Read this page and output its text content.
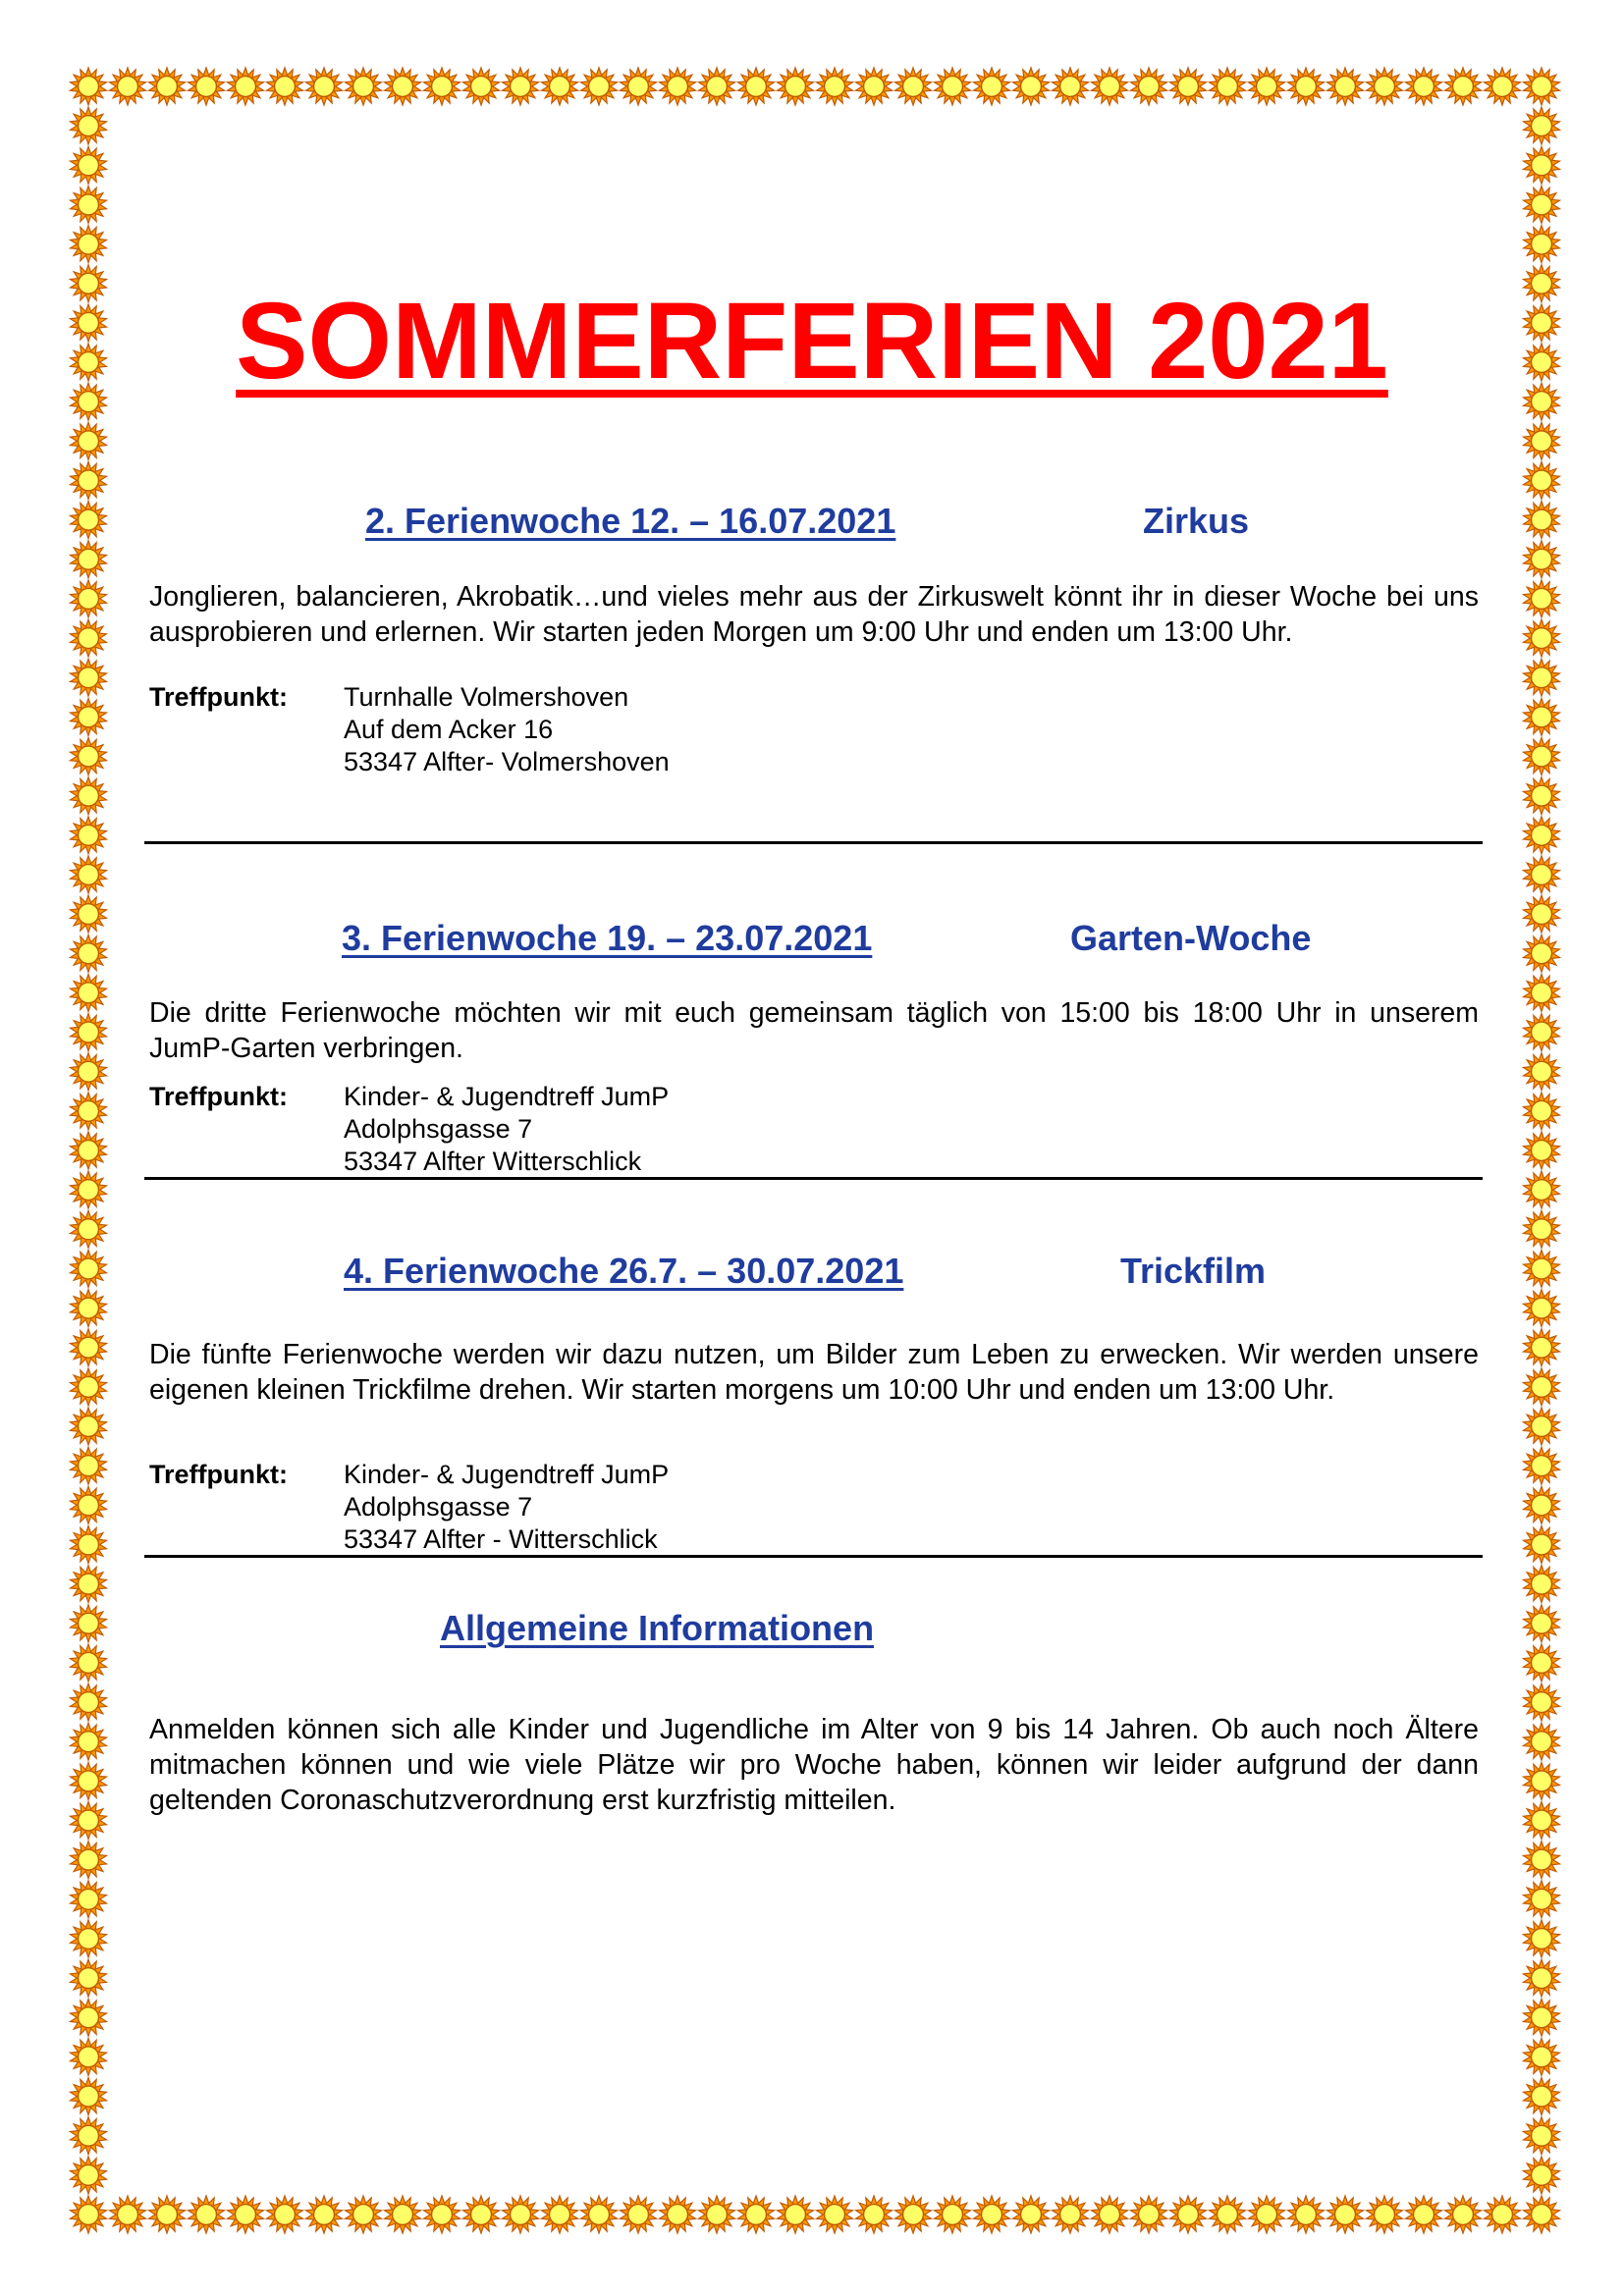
SOMMERFERIEN 2021
2. Ferienwoche 12. – 16.07.2021	Zirkus

Jonglieren, balancieren, Akrobatik…und vieles mehr aus der Zirkuswelt könnt ihr in dieser Woche bei uns ausprobieren und erlernen. Wir starten jeden Morgen um 9:00 Uhr und enden um 13:00 Uhr.

Treffpunkt: Turnhalle Volmershoven
Auf dem Acker 16
53347 Alfter- Volmershoven
3. Ferienwoche 19. – 23.07.2021	Garten-Woche

Die dritte Ferienwoche möchten wir mit euch gemeinsam täglich von 15:00 bis 18:00 Uhr in unserem JumP-Garten verbringen.

Treffpunkt: Kinder- & Jugendtreff JumP
Adolphsgasse 7
53347 Alfter Witterschlick
4. Ferienwoche 26.7. – 30.07.2021	Trickfilm

Die fünfte Ferienwoche werden wir dazu nutzen, um Bilder zum Leben zu erwecken. Wir werden unsere eigenen kleinen Trickfilme drehen. Wir starten morgens um 10:00 Uhr und enden um 13:00 Uhr.

Treffpunkt: Kinder- & Jugendtreff JumP
Adolphsgasse 7
53347 Alfter - Witterschlick
Allgemeine Informationen

Anmelden können sich alle Kinder und Jugendliche im Alter von 9 bis 14 Jahren. Ob auch noch Ältere mitmachen können und wie viele Plätze wir pro Woche haben, können wir leider aufgrund der dann geltenden Coronaschutzverordnung erst kurzfristig mitteilen.
